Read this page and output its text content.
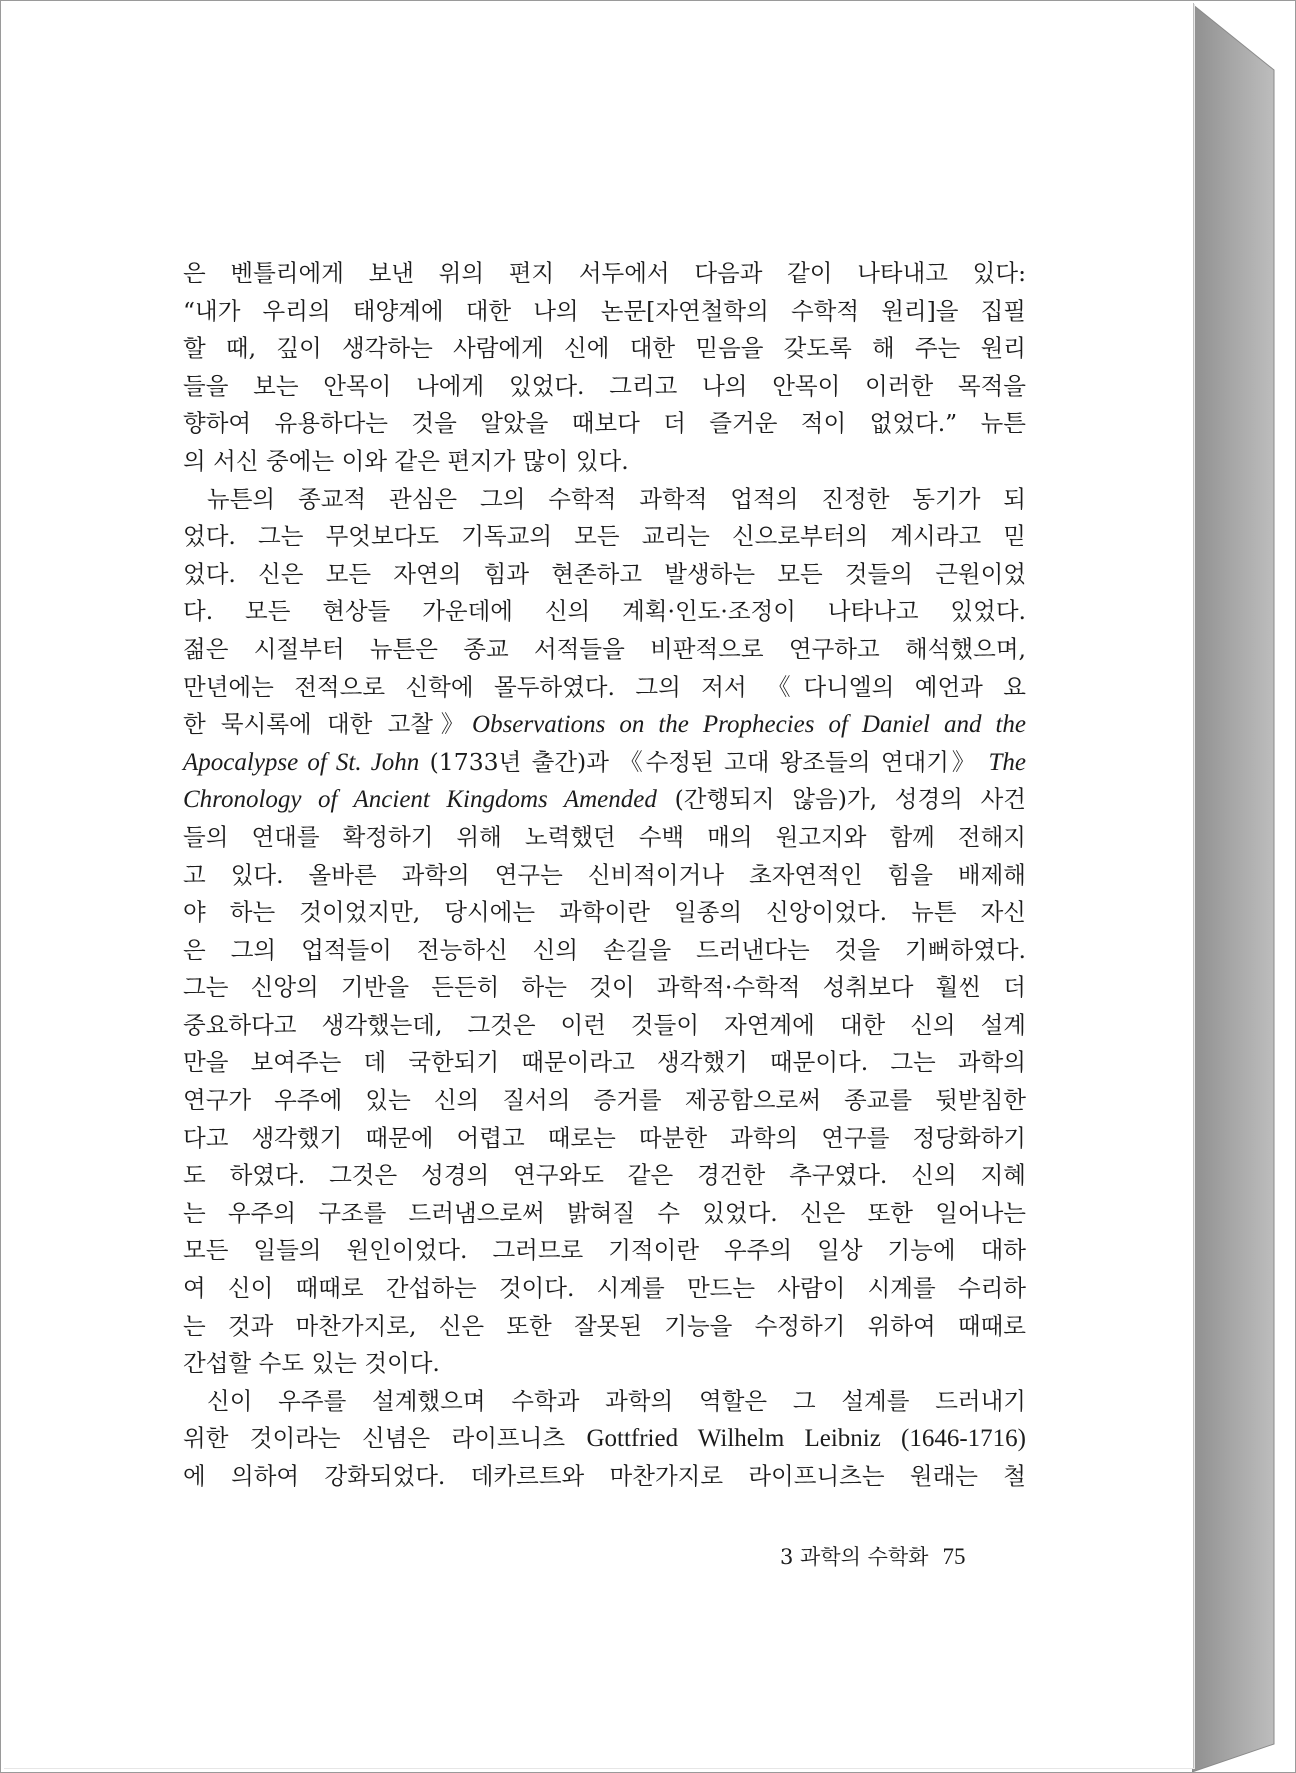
은 벤틀리에게 보낸 위의 편지 서두에서 다음과 같이 나타내고 있다:
“내가 우리의 태양계에 대한 나의 논문[자연철학의 수학적 원리]을 집필
할 때, 깊이 생각하는 사람에게 신에 대한 믿음을 갖도록 해 주는 원리
들을 보는 안목이 나에게 있었다. 그리고 나의 안목이 이러한 목적을
향하여 유용하다는 것을 알았을 때보다 더 즐거운 적이 없었다.” 뉴튼
의 서신 중에는 이와 같은 편지가 많이 있다.
뉴튼의 종교적 관심은 그의 수학적 과학적 업적의 진정한 동기가 되
었다. 그는 무엇보다도 기독교의 모든 교리는 신으로부터의 계시라고 믿
었다. 신은 모든 자연의 힘과 현존하고 발생하는 모든 것들의 근원이었
다. 모든 현상들 가운데에 신의 계획·인도·조정이 나타나고 있었다.
젊은 시절부터 뉴튼은 종교 서적들을 비판적으로 연구하고 해석했으며,
만년에는 전적으로 신학에 몰두하였다. 그의 저서 《다니엘의 예언과 요
한 묵시록에 대한 고찰》Observations on the Prophecies of Daniel and the
Apocalypse of St. John (1733년 출간)과 《수정된 고대 왕조들의 연대기》 The
Chronology of Ancient Kingdoms Amended (간행되지 않음)가, 성경의 사건
들의 연대를 확정하기 위해 노력했던 수백 매의 원고지와 함께 전해지
고 있다. 올바른 과학의 연구는 신비적이거나 초자연적인 힘을 배제해
야 하는 것이었지만, 당시에는 과학이란 일종의 신앙이었다. 뉴튼 자신
은 그의 업적들이 전능하신 신의 손길을 드러낸다는 것을 기뻐하였다.
그는 신앙의 기반을 든든히 하는 것이 과학적·수학적 성취보다 훨씬 더
중요하다고 생각했는데, 그것은 이런 것들이 자연계에 대한 신의 설계
만을 보여주는 데 국한되기 때문이라고 생각했기 때문이다. 그는 과학의
연구가 우주에 있는 신의 질서의 증거를 제공함으로써 종교를 뒷받침한
다고 생각했기 때문에 어렵고 때로는 따분한 과학의 연구를 정당화하기
도 하였다. 그것은 성경의 연구와도 같은 경건한 추구였다. 신의 지혜
는 우주의 구조를 드러냄으로써 밝혀질 수 있었다. 신은 또한 일어나는
모든 일들의 원인이었다. 그러므로 기적이란 우주의 일상 기능에 대하
여 신이 때때로 간섭하는 것이다. 시계를 만드는 사람이 시계를 수리하
는 것과 마찬가지로, 신은 또한 잘못된 기능을 수정하기 위하여 때때로
간섭할 수도 있는 것이다.
신이 우주를 설계했으며 수학과 과학의 역할은 그 설계를 드러내기
위한 것이라는 신념은 라이프니츠 Gottfried Wilhelm Leibniz (1646-1716)
에 의하여 강화되었다. 데카르트와 마찬가지로 라이프니츠는 원래는 철
3 과학의 수학화 75
